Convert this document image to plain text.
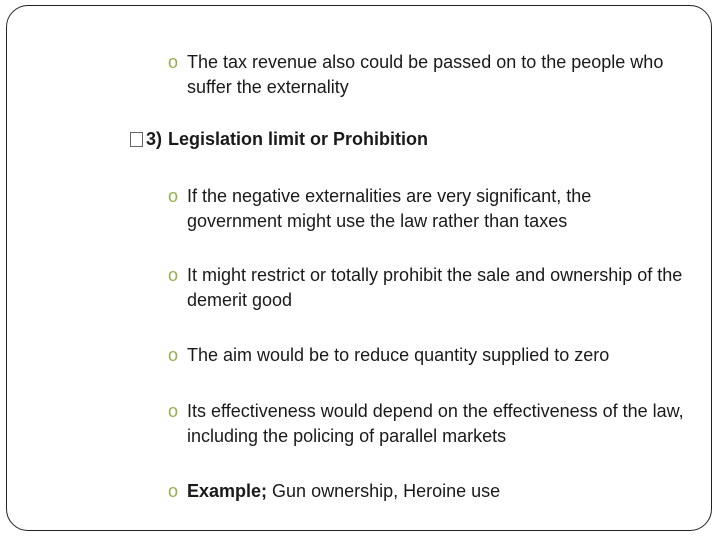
o The tax revenue also could be passed on to the people who suffer the externality
3) Legislation limit or Prohibition
o If the negative externalities are very significant, the government might use the law rather than taxes
o It might restrict or totally prohibit the sale and ownership of the demerit good
o The aim would be to reduce quantity supplied to zero
o Its effectiveness would depend on the effectiveness of the law, including the policing of parallel markets
o Example; Gun ownership, Heroine use
